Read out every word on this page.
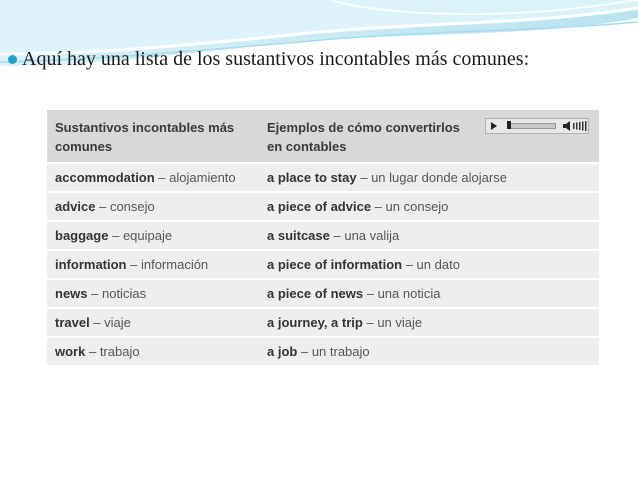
Aquí hay una lista de los sustantivos incontables más comunes:
Sustantivos incontables más comunes	Ejemplos de cómo convertirlos en contables

accommodation – alojamiento	a place to stay – un lugar donde alojarse
advice – consejo	a piece of advice – un consejo
baggage – equipaje	a suitcase – una valija
information – información	a piece of information – un dato
news – noticias	a piece of news – una noticia
travel – viaje	a journey, a trip – un viaje
work – trabajo	a job – un trabajo
